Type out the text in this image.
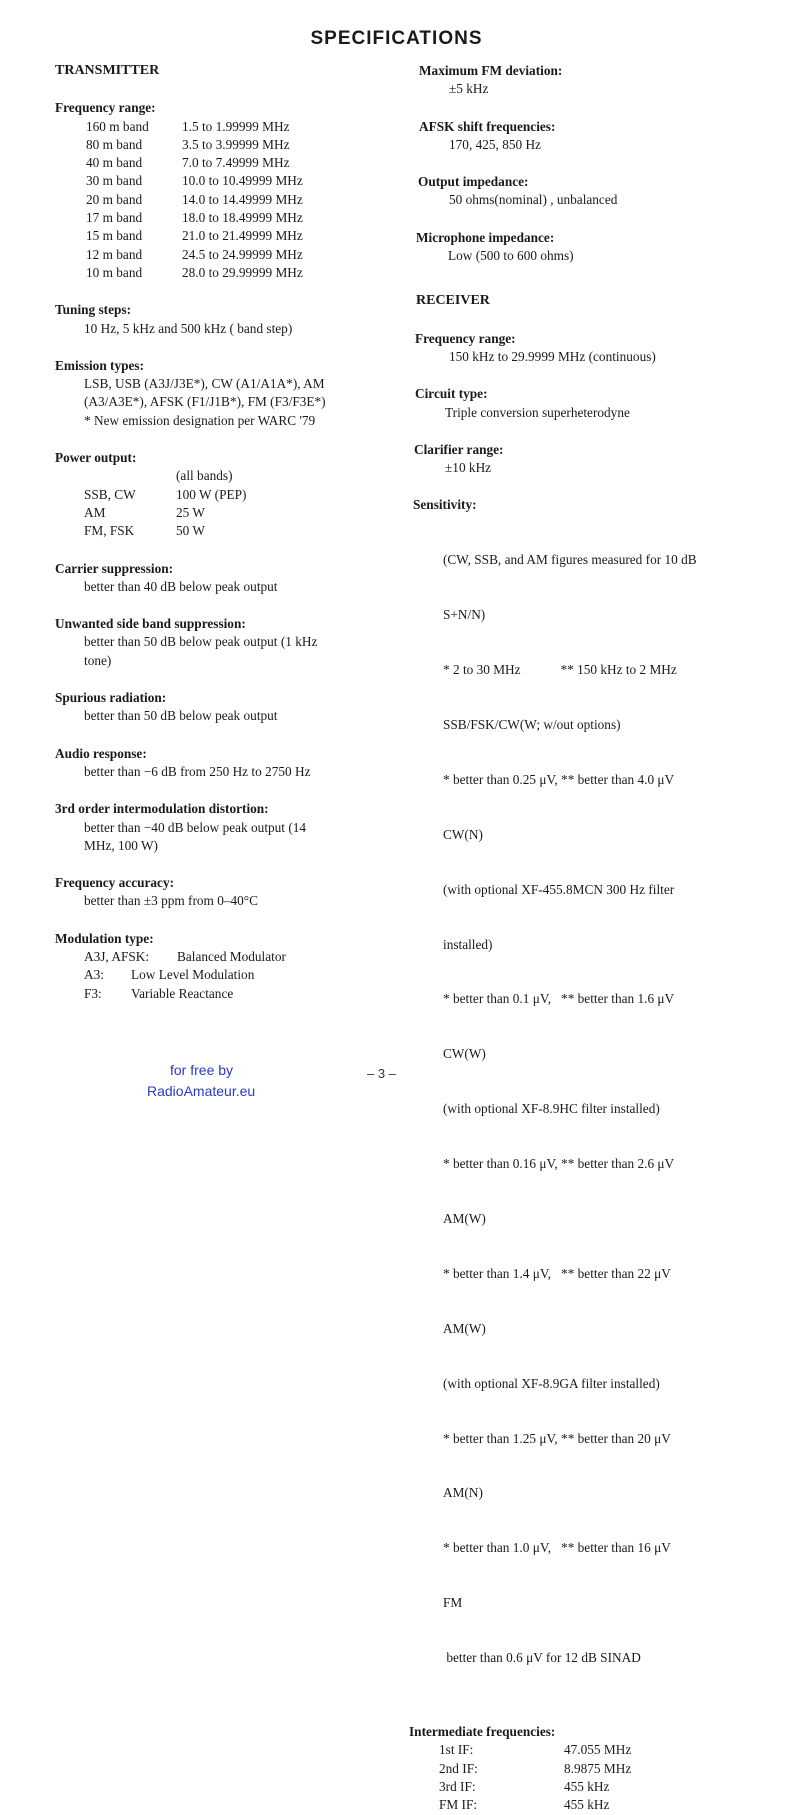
SPECIFICATIONS
TRANSMITTER
Frequency range:
160 m band	1.5 to 1.99999 MHz
80 m band	3.5 to 3.99999 MHz
40 m band	7.0 to 7.49999 MHz
30 m band	10.0 to 10.49999 MHz
20 m band	14.0 to 14.49999 MHz
17 m band	18.0 to 18.49999 MHz
15 m band	21.0 to 21.49999 MHz
12 m band	24.5 to 24.99999 MHz
10 m band	28.0 to 29.99999 MHz
Tuning steps:
10 Hz, 5 kHz and 500 kHz ( band step)
Emission types:
LSB, USB (A3J/J3E*), CW (A1/A1A*), AM
(A3/A3E*), AFSK (F1/J1B*), FM (F3/F3E*)
* New emission designation per WARC '79
Power output:
(all bands)
SSB, CW	100 W (PEP)
AM	25 W
FM, FSK	50 W
Carrier suppression:
better than 40 dB below peak output
Unwanted side band suppression:
better than 50 dB below peak output (1 kHz
tone)
Spurious radiation:
better than 50 dB below peak output
Audio response:
better than −6 dB from 250 Hz to 2750 Hz
3rd order intermodulation distortion:
better than −40 dB below peak output (14
MHz, 100 W)
Frequency accuracy:
better than ±3 ppm from 0–40°C
Modulation type:
A3J, AFSK:	Balanced Modulator
A3:	Low Level Modulation
F3:	Variable Reactance
Maximum FM deviation:
±5 kHz
AFSK shift frequencies:
170, 425, 850 Hz
Output impedance:
50 ohms(nominal) , unbalanced
Microphone impedance:
Low (500 to 600 ohms)
RECEIVER
Frequency range:
150 kHz to 29.9999 MHz (continuous)
Circuit type:
Triple conversion superheterodyne
Clarifier range:
±10 kHz
Sensitivity:

(CW, SSB, and AM figures measured for 10 dB

S+N/N)

* 2 to 30 MHz            ** 150 kHz to 2 MHz

SSB/FSK/CW(W; w/out options)

* better than 0.25 μV, ** better than 4.0 μV

CW(N)

(with optional XF-455.8MCN 300 Hz filter

installed)

* better than 0.1 μV,   ** better than 1.6 μV

CW(W)

(with optional XF-8.9HC filter installed)

* better than 0.16 μV, ** better than 2.6 μV

AM(W)

* better than 1.4 μV,   ** better than 22 μV

AM(W)

(with optional XF-8.9GA filter installed)

* better than 1.25 μV, ** better than 20 μV

AM(N)

* better than 1.0 μV,   ** better than 16 μV

FM

better than 0.6 μV for 12 dB SINAD

Intermediate frequencies:
1st IF:	47.055 MHz
2nd IF:	8.9875 MHz
3rd IF:	455 kHz
FM IF:	455 kHz
for free by
RadioAmateur.eu
– 3 –
